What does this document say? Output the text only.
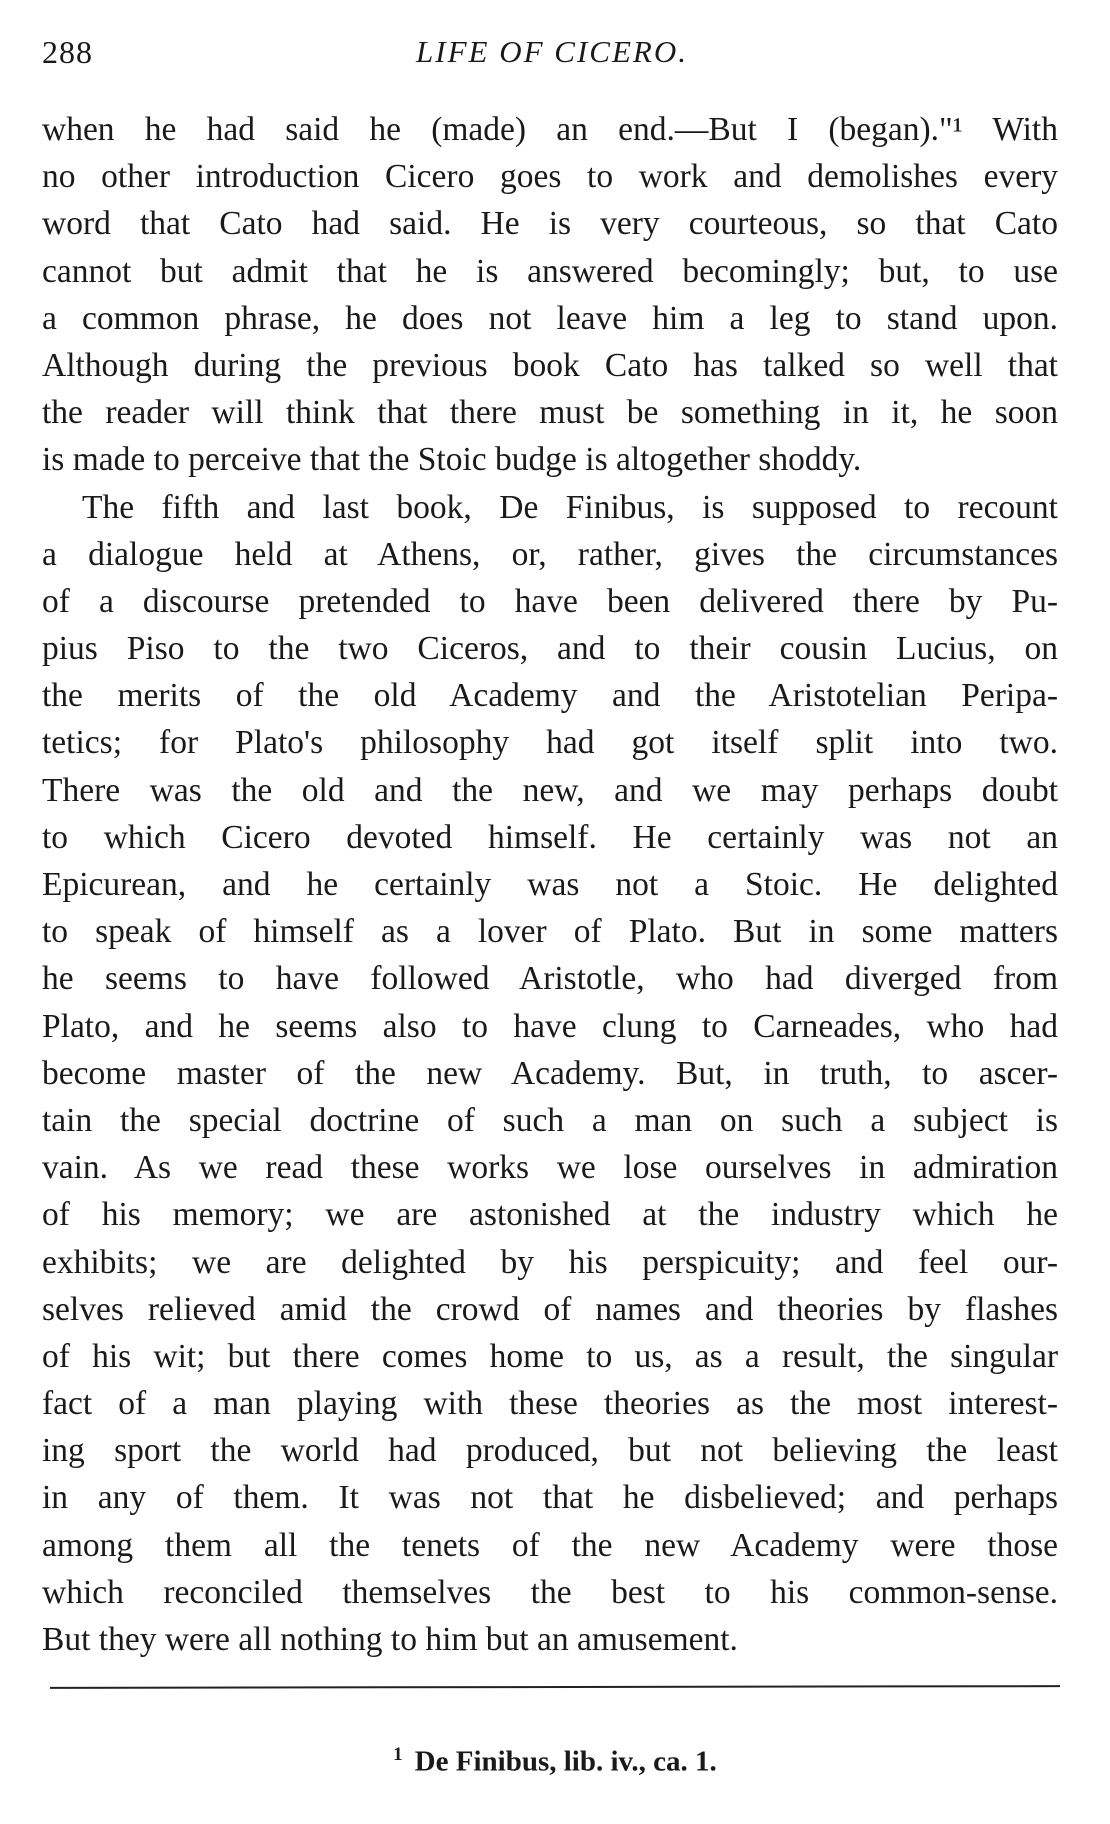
288	LIFE OF CICERO.
when he had said he (made) an end.—But I (began)."¹ With
no other introduction Cicero goes to work and demolishes every
word that Cato had said. He is very courteous, so that Cato
cannot but admit that he is answered becomingly; but, to use
a common phrase, he does not leave him a leg to stand upon.
Although during the previous book Cato has talked so well that
the reader will think that there must be something in it, he soon
is made to perceive that the Stoic budge is altogether shoddy.
The fifth and last book, De Finibus, is supposed to recount
a dialogue held at Athens, or, rather, gives the circumstances
of a discourse pretended to have been delivered there by Pu-
pius Piso to the two Ciceros, and to their cousin Lucius, on
the merits of the old Academy and the Aristotelian Peripa-
tetics; for Plato's philosophy had got itself split into two.
There was the old and the new, and we may perhaps doubt
to which Cicero devoted himself. He certainly was not an
Epicurean, and he certainly was not a Stoic. He delighted
to speak of himself as a lover of Plato. But in some matters
he seems to have followed Aristotle, who had diverged from
Plato, and he seems also to have clung to Carneades, who had
become master of the new Academy. But, in truth, to ascer-
tain the special doctrine of such a man on such a subject is
vain. As we read these works we lose ourselves in admiration
of his memory; we are astonished at the industry which he
exhibits; we are delighted by his perspicuity; and feel our-
selves relieved amid the crowd of names and theories by flashes
of his wit; but there comes home to us, as a result, the singular
fact of a man playing with these theories as the most interest-
ing sport the world had produced, but not believing the least
in any of them. It was not that he disbelieved; and perhaps
among them all the tenets of the new Academy were those
which reconciled themselves the best to his common-sense.
But they were all nothing to him but an amusement.
$^1$ De Finibus, lib. iv., ca. 1.
